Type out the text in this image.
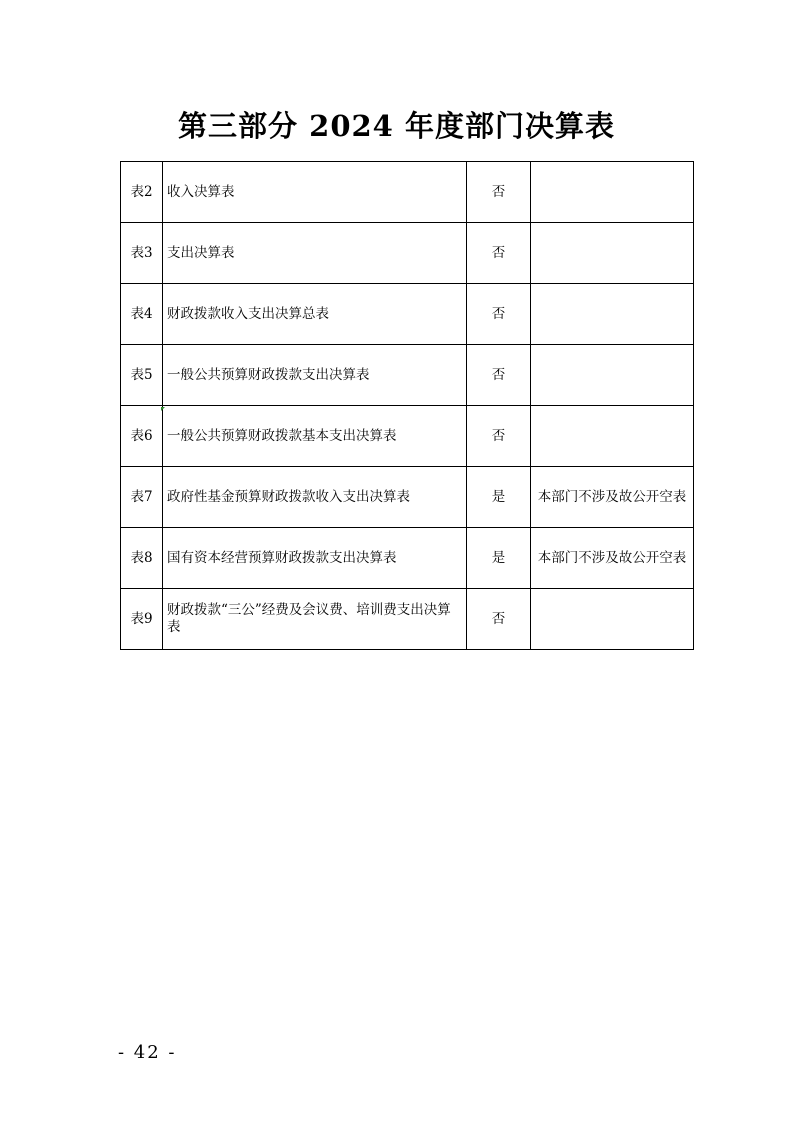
第三部分 2024 年度部门决算表
表2	收入决算表	否	
表3	支出决算表	否	
表4	财政拨款收入支出决算总表	否	
表5	一般公共预算财政拨款支出决算表	否	
表6	一般公共预算财政拨款基本支出决算表	否	
表7	政府性基金预算财政拨款收入支出决算表	是	本部门不涉及故公开空表
表8	国有资本经营预算财政拨款支出决算表	是	本部门不涉及故公开空表
表9	财政拨款“三公”经费及会议费、培训费支出决算表	否	
- 42 -
